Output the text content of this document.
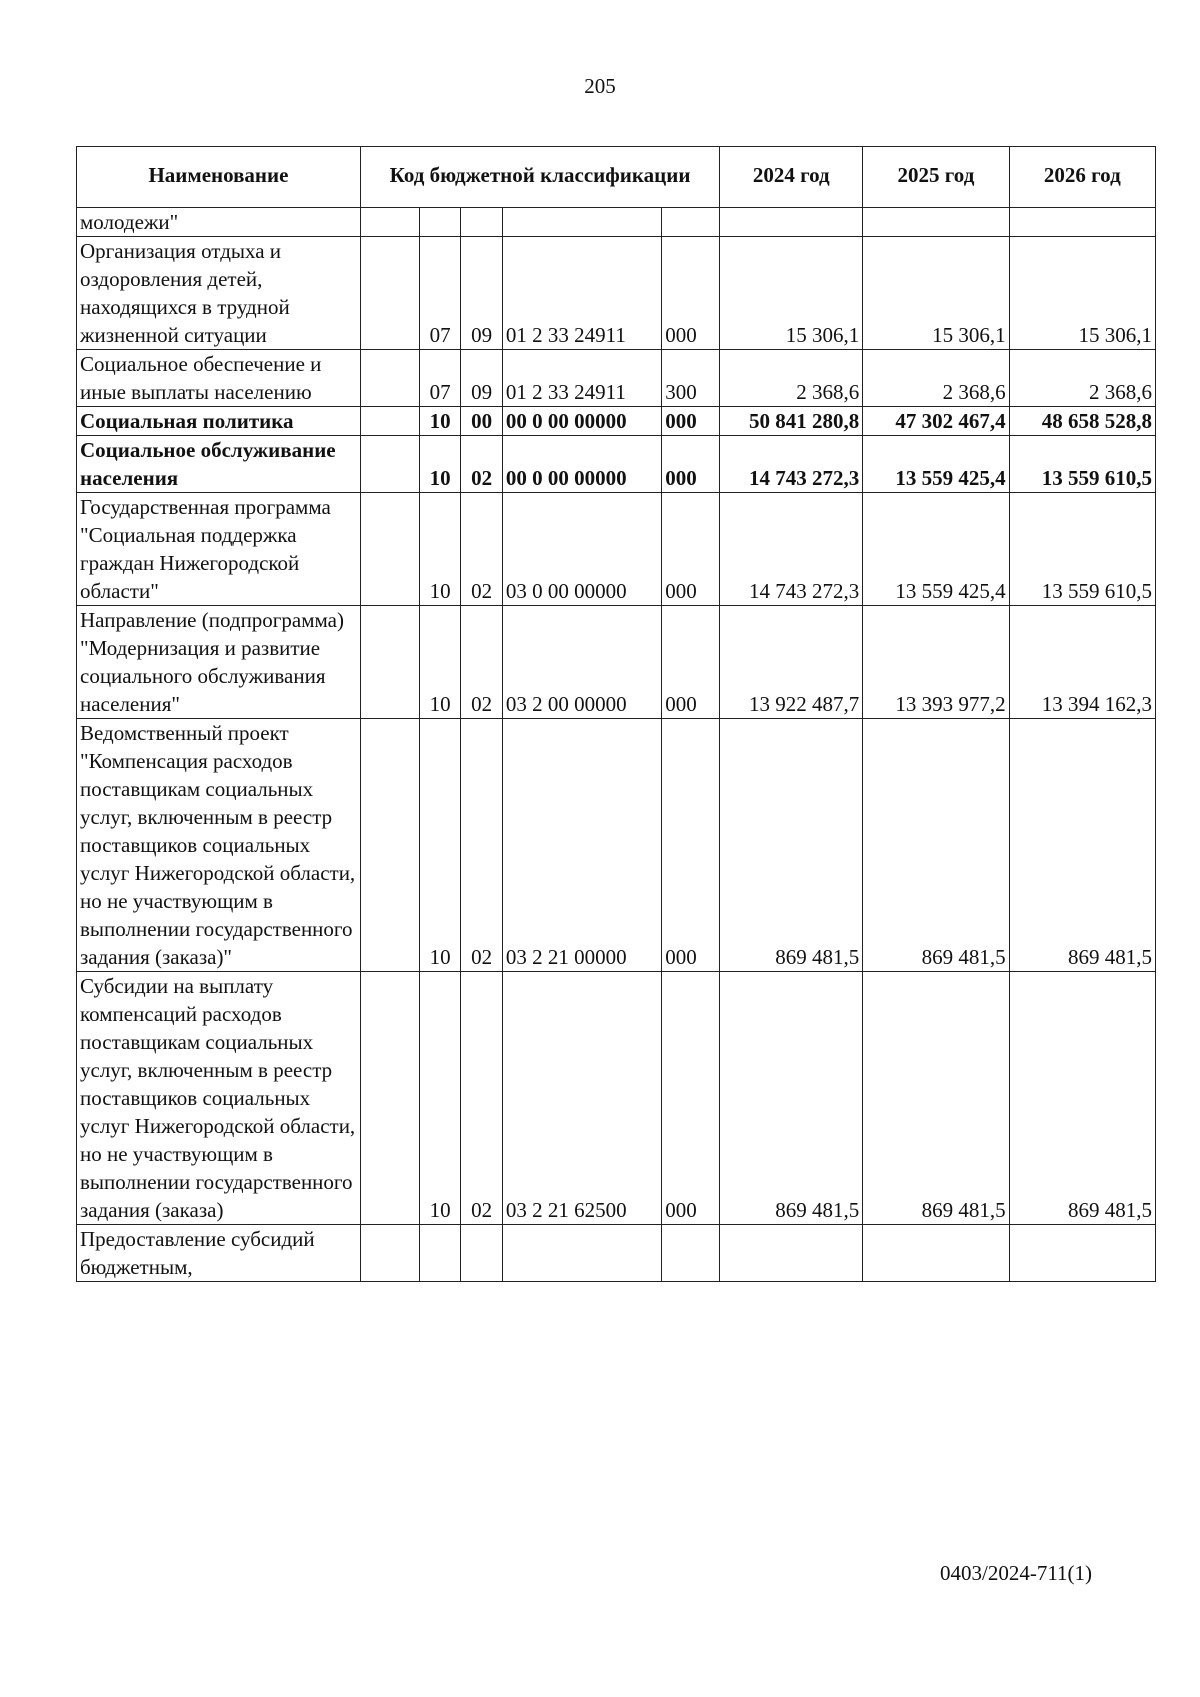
205
Наименование	Код бюджетной классификации					2024 год	2025 год	2026 год
молодежи"								
Организация отдыха и оздоровления детей, находящихся в трудной жизненной ситуации		07	09	01 2 33 24911	000	15 306,1	15 306,1	15 306,1
Социальное обеспечение и иные выплаты населению		07	09	01 2 33 24911	300	2 368,6	2 368,6	2 368,6
Социальная политика		10	00	00 0 00 00000	000	50 841 280,8	47 302 467,4	48 658 528,8
Социальное обслуживание населения		10	02	00 0 00 00000	000	14 743 272,3	13 559 425,4	13 559 610,5
Государственная программа "Социальная поддержка граждан Нижегородской области"		10	02	03 0 00 00000	000	14 743 272,3	13 559 425,4	13 559 610,5
Направление (подпрограмма) "Модернизация и развитие социального обслуживания населения"		10	02	03 2 00 00000	000	13 922 487,7	13 393 977,2	13 394 162,3
Ведомственный проект "Компенсация расходов поставщикам социальных услуг, включенным в реестр поставщиков социальных услуг Нижегородской области, но не участвующим в выполнении государственного задания (заказа)"		10	02	03 2 21 00000	000	869 481,5	869 481,5	869 481,5
Субсидии на выплату компенсаций расходов поставщикам социальных услуг, включенным в реестр поставщиков социальных услуг Нижегородской области, но не участвующим в выполнении государственного задания (заказа)		10	02	03 2 21 62500	000	869 481,5	869 481,5	869 481,5
Предоставление субсидий бюджетным,								
0403/2024-711(1)
